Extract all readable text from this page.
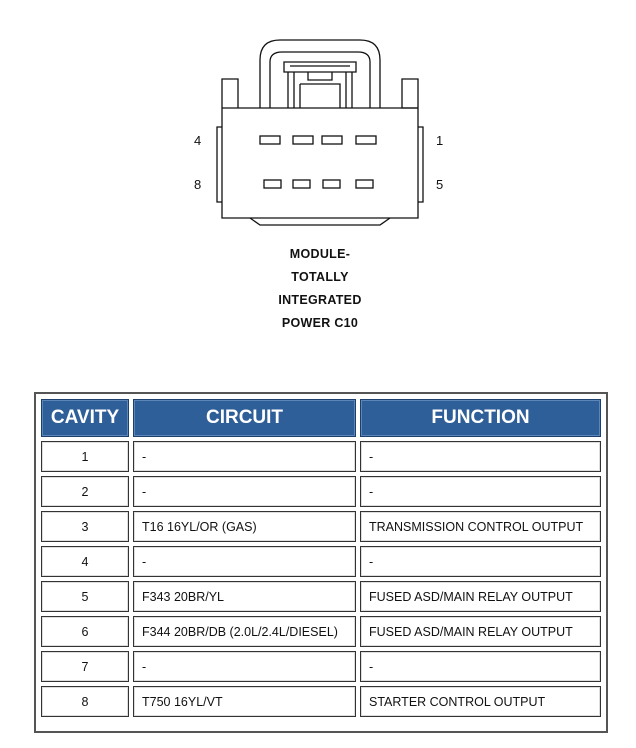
4
8
1
5
MODULE-
TOTALLY
INTEGRATED
POWER C10
CAVITY	CIRCUIT	FUNCTION
1	-	-
2	-	-
3	T16 16YL/OR (GAS)	TRANSMISSION CONTROL OUTPUT
4	-	-
5	F343 20BR/YL	FUSED ASD/MAIN RELAY OUTPUT
6	F344 20BR/DB (2.0L/2.4L/DIESEL)	FUSED ASD/MAIN RELAY OUTPUT
7	-	-
8	T750 16YL/VT	STARTER CONTROL OUTPUT
